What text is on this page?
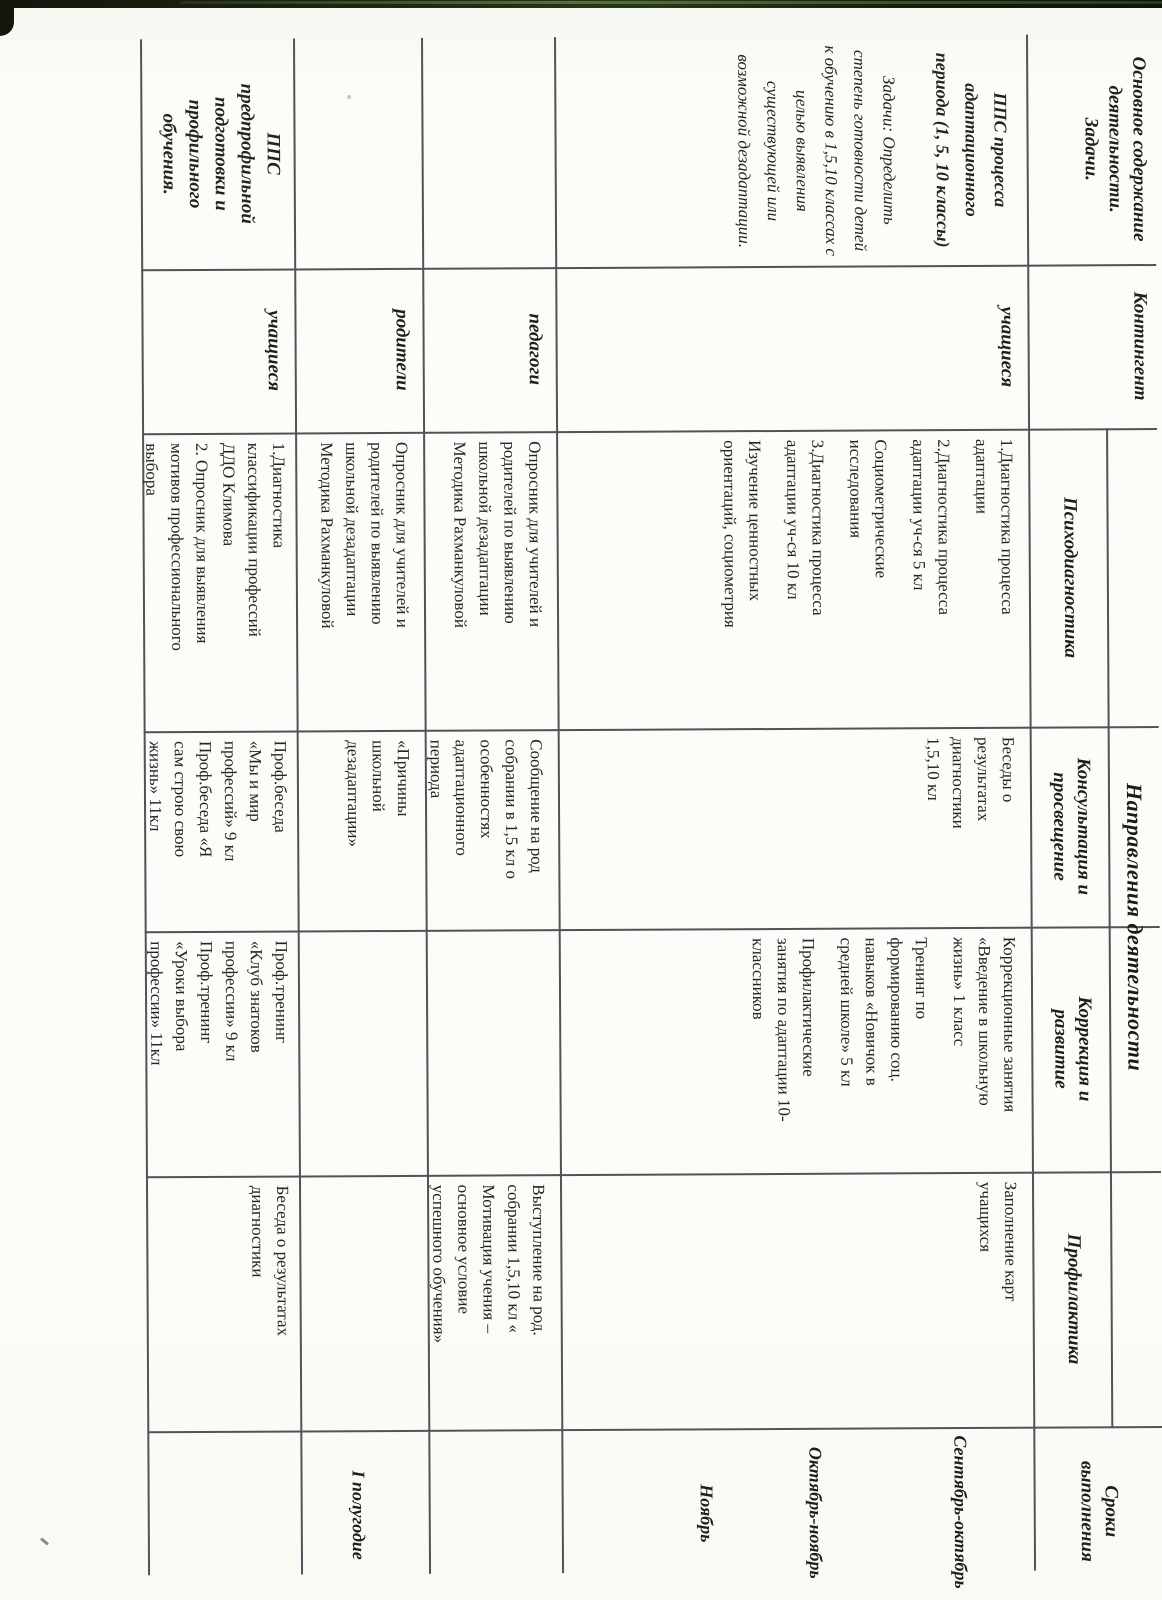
Основное содержание деятельности. Задачи.
Контингент
Направления деятельности
Психодиагностика
Консультация и просвещение
Коррекция и развитие
Профилактика
Сроки выполнения

ППС процесса адаптационного периода (1, 5, 10 классы)

Задачи: Определить степень готовности детей к обучению в 1,5,10 классах с целью выявления существующей или возможной дезадаптации.

учащиеся

1.Диагностика процесса адаптации

2.Диагностика процесса адаптации уч-ся 5 кл

Социометрические исследования

3.Диагностика процесса адаптации уч-ся 10 кл

Изучение ценностных ориентаций, социометрия

Беседы о результатах диагностики 1,5,10 кл

Коррекционные занятия «Введение в школьную жизнь» 1 класс

Тренинг по формированию соц. навыков «Новичок в средней школе» 5 кл

Профилактические занятия по адаптации 10-классников

Заполнение карт учащихся

Сентябрь-октябрь

Октябрь-ноябрь

Ноябрь

педагоги

Опросник для учителей и родителей по выявлению школьной дезадаптации Методика Рахманкуловой

Сообщение на род собрании в 1,5 кл о особенностях адаптационного периода

Выступление на род. собрании 1,5,10 кл « Мотивация учения – основное условие успешного обучения»

родители

Опросник для учителей и родителей по выявлению школьной дезадаптации Методика Рахманкуловой

«Причины школьной дезадаптации»

I полугодие

ППС предпрофильной подготовки и профильного обучения.
учащиеся

1.Диагностика классификации профессий ДДО Климова

2. Опросник для выявления мотивов профессионального выбора

Проф.беседа «Мы и мир профессий» 9 кл Проф.беседа «Я сам строю свою жизнь» 11кл

Проф.тренинг «Клуб знатоков профессии» 9 кл Проф.тренинг «Уроки выбора профессии» 11кл

Беседа о результатах диагностики
